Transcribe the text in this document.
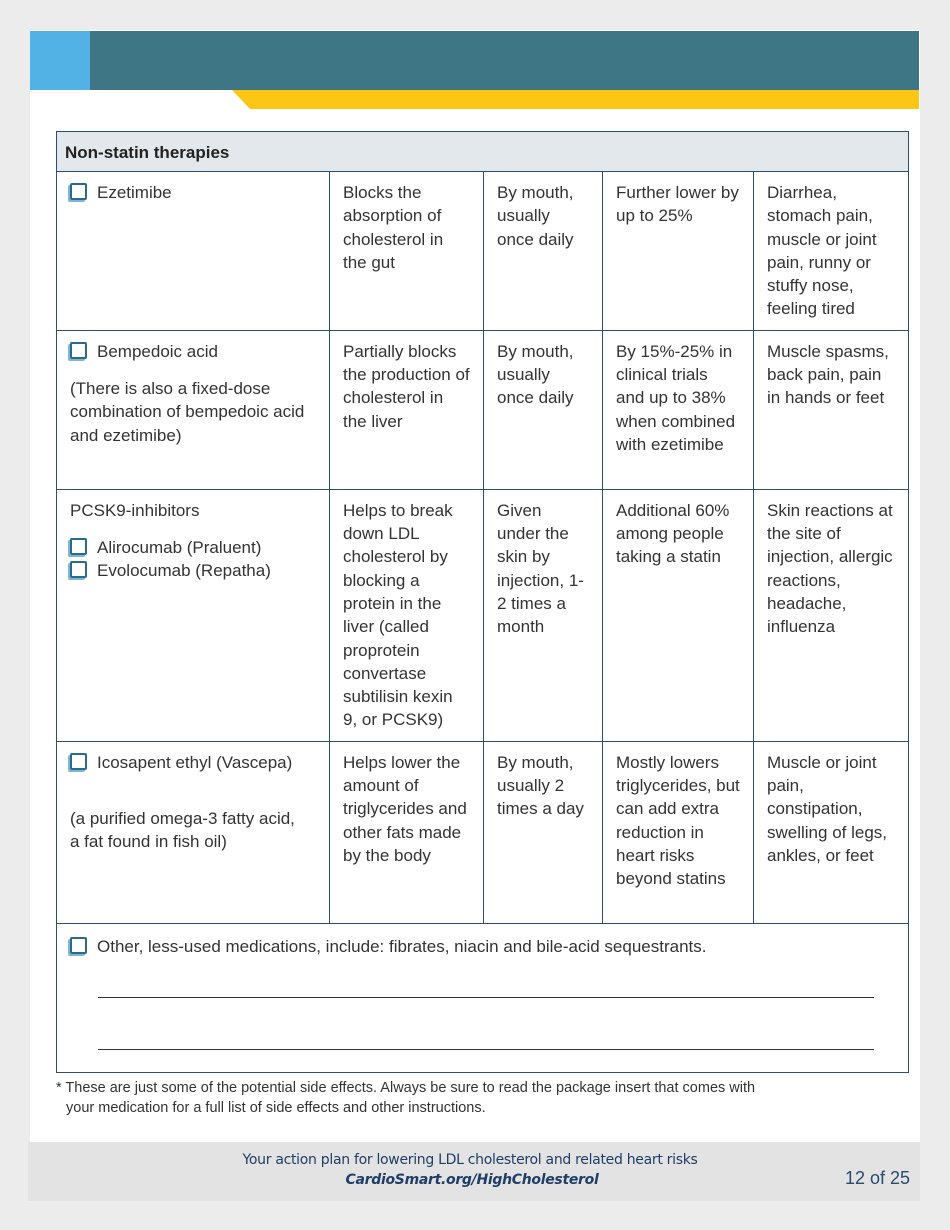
Non-statin therapies				

Ezetimibe	Blocks the absorption of cholesterol in the gut	By mouth, usually once daily	Further lower by up to 25%	Diarrhea, stomach pain, muscle or joint pain, runny or stuffy nose, feeling tired

Bempedoic acid
(There is also a fixed-dose combination of bempedoic acid and ezetimibe)	Partially blocks the production of cholesterol in the liver	By mouth, usually once daily	By 15%-25% in clinical trials and up to 38% when combined with ezetimibe	Muscle spasms, back pain, pain in hands or feet

PCSK9-inhibitors
Alirocumab (Praluent)
Evolocumab (Repatha)	Helps to break down LDL cholesterol by blocking a protein in the liver (called proprotein convertase subtilisin kexin 9, or PCSK9)	Given under the skin by injection, 1-2 times a month	Additional 60% among people taking a statin	Skin reactions at the site of injection, allergic reactions, headache, influenza

Icosapent ethyl (Vascepa)
(a purified omega-3 fatty acid, a fat found in fish oil)	Helps lower the amount of triglycerides and other fats made by the body	By mouth, usually 2 times a day	Mostly lowers triglycerides, but can add extra reduction in heart risks beyond statins	Muscle or joint pain, constipation, swelling of legs, ankles, or feet

Other, less-used medications, include: fibrates, niacin and bile-acid sequestrants.				
* These are just some of the potential side effects. Always be sure to read the package insert that comes with
your medication for a full list of side effects and other instructions.
Your action plan for lowering LDL cholesterol and related heart risks
CardioSmart.org/HighCholesterol	12 of 25
